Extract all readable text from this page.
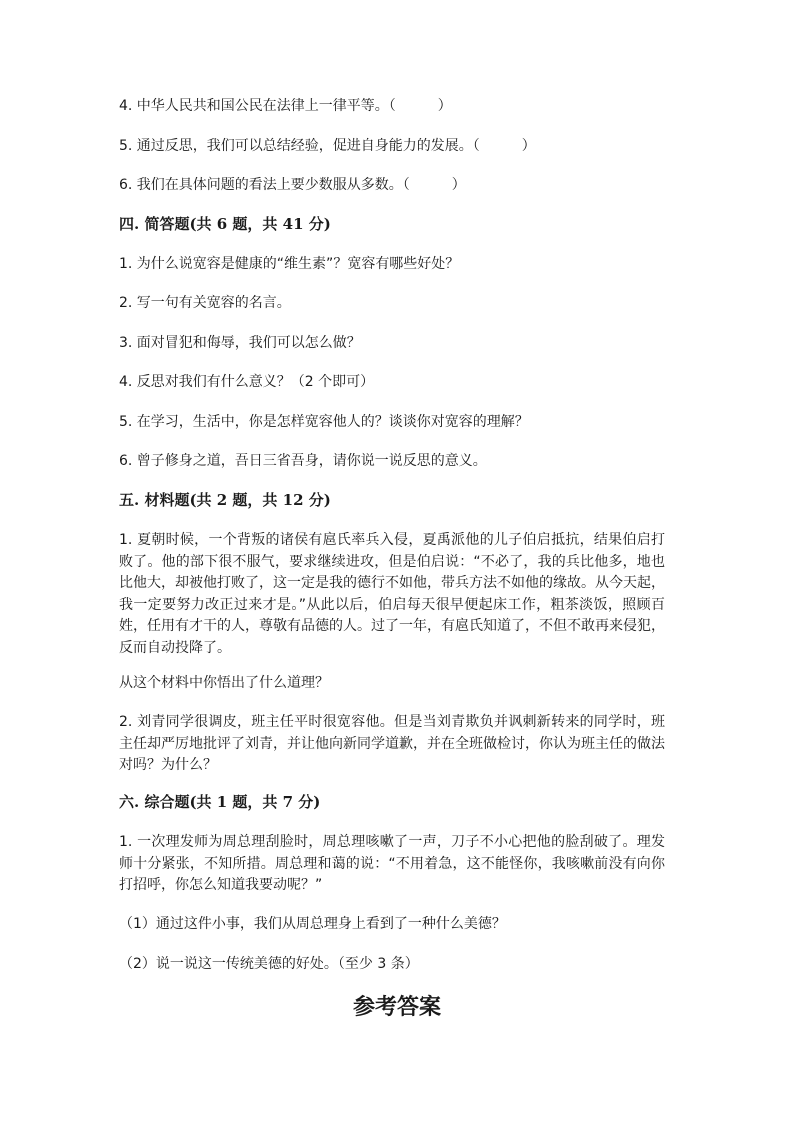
4. 中华人民共和国公民在法律上一律平等。（　　　）
5. 通过反思，我们可以总结经验，促进自身能力的发展。（　　　）
6. 我们在具体问题的看法上要少数服从多数。（　　　）
四. 简答题(共 6 题，共 41 分)
1. 为什么说宽容是健康的“维生素”？宽容有哪些好处？
2. 写一句有关宽容的名言。
3. 面对冒犯和侮辱，我们可以怎么做？
4. 反思对我们有什么意义？（2 个即可）
5. 在学习，生活中，你是怎样宽容他人的？谈谈你对宽容的理解？
6. 曾子修身之道，吾日三省吾身，请你说一说反思的意义。
五. 材料题(共 2 题，共 12 分)
1. 夏朝时候，一个背叛的诸侯有扈氏率兵入侵，夏禹派他的儿子伯启抵抗，结果伯启打败了。他的部下很不服气，要求继续进攻，但是伯启说：“不必了，我的兵比他多，地也比他大，却被他打败了，这一定是我的德行不如他，带兵方法不如他的缘故。从今天起，我一定要努力改正过来才是。”从此以后，伯启每天很早便起床工作，粗茶淡饭，照顾百姓，任用有才干的人，尊敬有品德的人。过了一年，有扈氏知道了，不但不敢再来侵犯，反而自动投降了。
从这个材料中你悟出了什么道理？
2. 刘青同学很调皮，班主任平时很宽容他。但是当刘青欺负并讽刺新转来的同学时，班主任却严厉地批评了刘青，并让他向新同学道歉，并在全班做检讨，你认为班主任的做法对吗？为什么？
六. 综合题(共 1 题，共 7 分)
1. 一次理发师为周总理刮脸时，周总理咳嗽了一声，刀子不小心把他的脸刮破了。理发师十分紧张，不知所措。周总理和蔼的说：“不用着急，这不能怪你，我咳嗽前没有向你打招呼，你怎么知道我要动呢？”
（1）通过这件小事，我们从周总理身上看到了一种什么美德？
（2）说一说这一传统美德的好处。（至少 3 条）
参考答案
